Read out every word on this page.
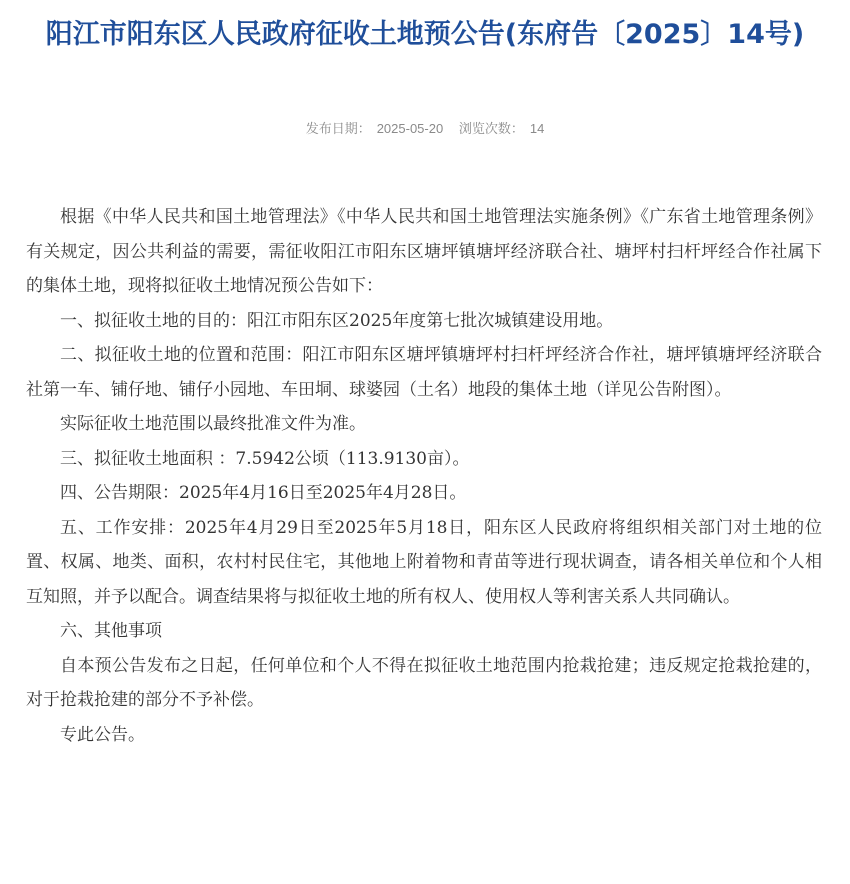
阳江市阳东区人民政府征收土地预公告(东府告〔2025〕14号)
发布日期： 2025-05-20 浏览次数： 14

根据《中华人民共和国土地管理法》《中华人民共和国土地管理法实施条例》《广东省土地管理条例》有关规定，因公共利益的需要，需征收阳江市阳东区塘坪镇塘坪经济联合社、塘坪村扫杆坪经合作社属下的集体土地，现将拟征收土地情况预公告如下：

一、拟征收土地的目的：阳江市阳东区2025年度第七批次城镇建设用地。

二、拟征收土地的位置和范围：阳江市阳东区塘坪镇塘坪村扫杆坪经济合作社，塘坪镇塘坪经济联合社第一车、铺仔地、铺仔小园地、车田垌、球婆园（土名）地段的集体土地（详见公告附图）。

实际征收土地范围以最终批准文件为准。

三、拟征收土地面积 ：7.5942公顷（113.9130亩）。

四、公告期限：2025年4月16日至2025年4月28日。

五、工作安排：2025年4月29日至2025年5月18日，阳东区人民政府将组织相关部门对土地的位置、权属、地类、面积，农村村民住宅，其他地上附着物和青苗等进行现状调查，请各相关单位和个人相互知照，并予以配合。调查结果将与拟征收土地的所有权人、使用权人等利害关系人共同确认。

六、其他事项

自本预公告发布之日起，任何单位和个人不得在拟征收土地范围内抢栽抢建；违反规定抢栽抢建的，对于抢栽抢建的部分不予补偿。

专此公告。
